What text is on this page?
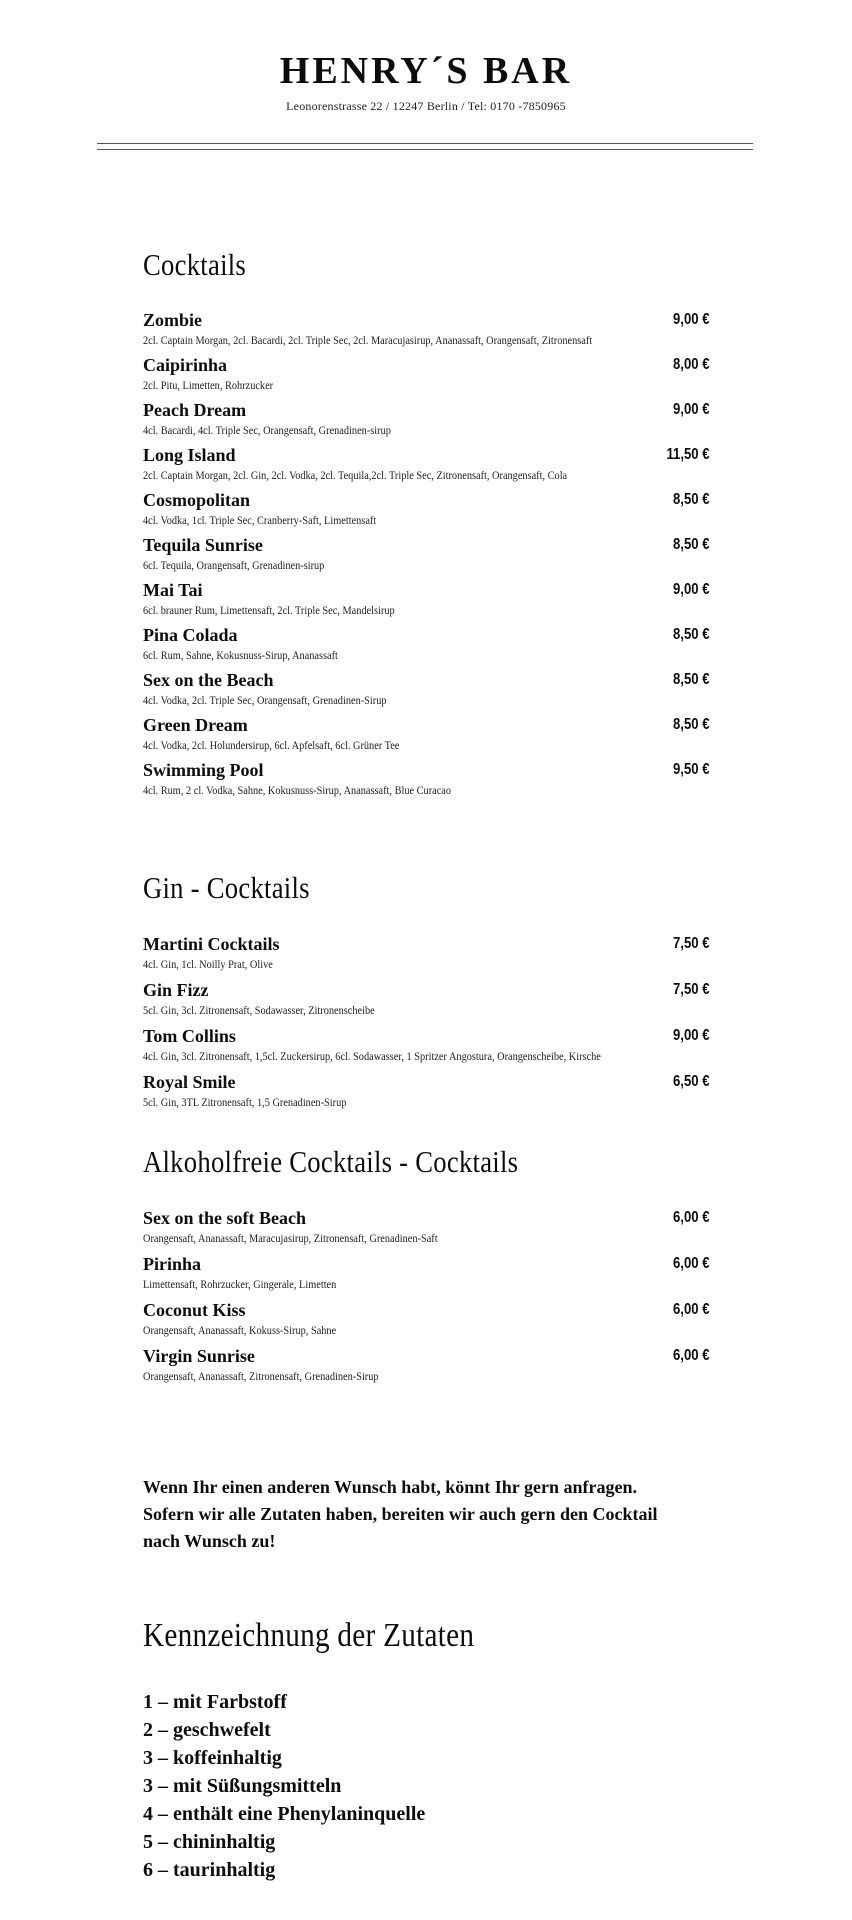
HENRY´S BAR
Leonorenstrasse 22 / 12247 Berlin / Tel: 0170 -7850965
Cocktails
Zombie	9,00 €
2cl. Captain Morgan, 2cl. Bacardi, 2cl. Triple Sec, 2cl. Maracujasirup, Ananassaft, Orangensaft, Zitronensaft
Caipirinha	8,00 €
2cl. Pitu, Limetten, Rohrzucker
Peach Dream	9,00 €
4cl. Bacardi, 4cl. Triple Sec, Orangensaft, Grenadinen-sirup
Long Island	11,50 €
2cl. Captain Morgan, 2cl. Gin, 2cl. Vodka, 2cl. Tequila,2cl. Triple Sec, Zitronensaft, Orangensaft, Cola
Cosmopolitan	8,50 €
4cl. Vodka, 1cl. Triple Sec, Cranberry-Saft, Limettensaft
Tequila Sunrise	8,50 €
6cl. Tequila, Orangensaft, Grenadinen-sirup
Mai Tai	9,00 €
6cl. brauner Rum, Limettensaft, 2cl. Triple Sec, Mandelsirup
Pina Colada	8,50 €
6cl. Rum, Sahne, Kokusnuss-Sirup, Ananassaft
Sex on the Beach	8,50 €
4cl. Vodka, 2cl. Triple Sec, Orangensaft, Grenadinen-Sirup
Green Dream	8,50 €
4cl. Vodka, 2cl. Holundersirup, 6cl. Apfelsaft, 6cl. Grüner Tee
Swimming Pool	9,50 €
4cl. Rum, 2 cl. Vodka, Sahne, Kokusnuss-Sirup, Ananassaft, Blue Curacao
Gin - Cocktails
Martini Cocktails	7,50 €
4cl. Gin, 1cl. Noilly Prat, Olive
Gin Fizz	7,50 €
5cl. Gin, 3cl. Zitronensaft, Sodawasser, Zitronenscheibe
Tom Collins	9,00 €
4cl. Gin, 3cl. Zitronensaft, 1,5cl. Zuckersirup, 6cl. Sodawasser, 1 Spritzer Angostura, Orangenscheibe, Kirsche
Royal Smile	6,50 €
5cl. Gin, 3TL Zitronensaft, 1,5 Grenadinen-Sirup
Alkoholfreie Cocktails - Cocktails
Sex on the soft Beach	6,00 €
Orangensaft, Ananassaft, Maracujasirup, Zitronensaft, Grenadinen-Saft
Pirinha	6,00 €
Limettensaft, Rohrzucker, Gingerale, Limetten
Coconut Kiss	6,00 €
Orangensaft, Ananassaft, Kokuss-Sirup, Sahne
Virgin Sunrise	6,00 €
Orangensaft, Ananassaft, Zitronensaft, Grenadinen-Sirup
Wenn Ihr einen anderen Wunsch habt, könnt Ihr gern anfragen.
Sofern wir alle Zutaten haben, bereiten wir auch gern den Cocktail
nach Wunsch zu!
Kennzeichnung der Zutaten
1 – mit Farbstoff
2 – geschwefelt
3 – koffeinhaltig
3 – mit Süßungsmitteln
4 – enthält eine Phenylaninquelle
5 – chininhaltig
6 – taurinhaltig
